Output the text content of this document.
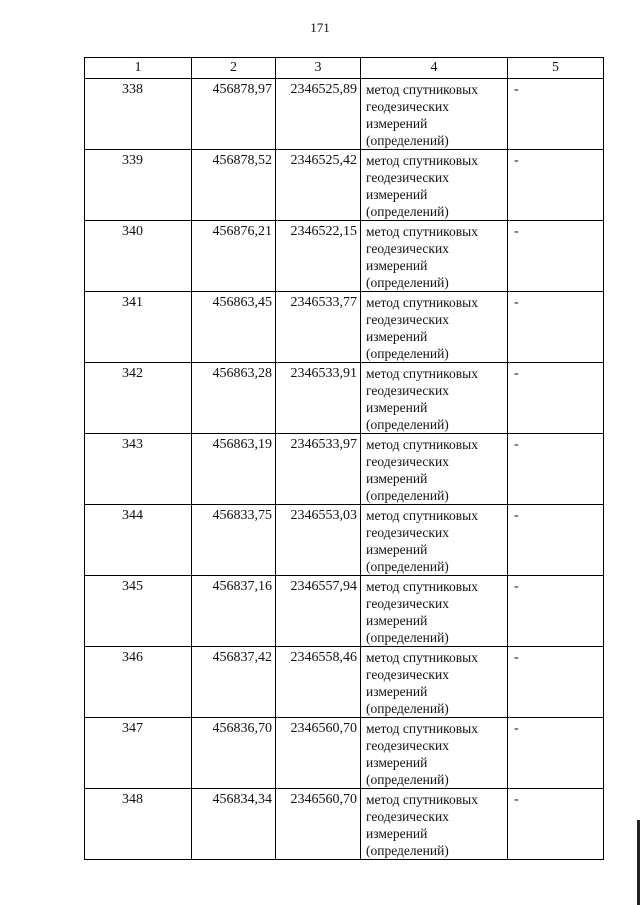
171
1	2	3	4	5

338	456878,97	2346525,89	метод спутниковых геодезических измерений (определений)	-

339	456878,52	2346525,42	метод спутниковых геодезических измерений (определений)	-

340	456876,21	2346522,15	метод спутниковых геодезических измерений (определений)	-

341	456863,45	2346533,77	метод спутниковых геодезических измерений (определений)	-

342	456863,28	2346533,91	метод спутниковых геодезических измерений (определений)	-

343	456863,19	2346533,97	метод спутниковых геодезических измерений (определений)	-

344	456833,75	2346553,03	метод спутниковых геодезических измерений (определений)	-

345	456837,16	2346557,94	метод спутниковых геодезических измерений (определений)	-

346	456837,42	2346558,46	метод спутниковых геодезических измерений (определений)	-

347	456836,70	2346560,70	метод спутниковых геодезических измерений (определений)	-

348	456834,34	2346560,70	метод спутниковых геодезических измерений (определений)	-
